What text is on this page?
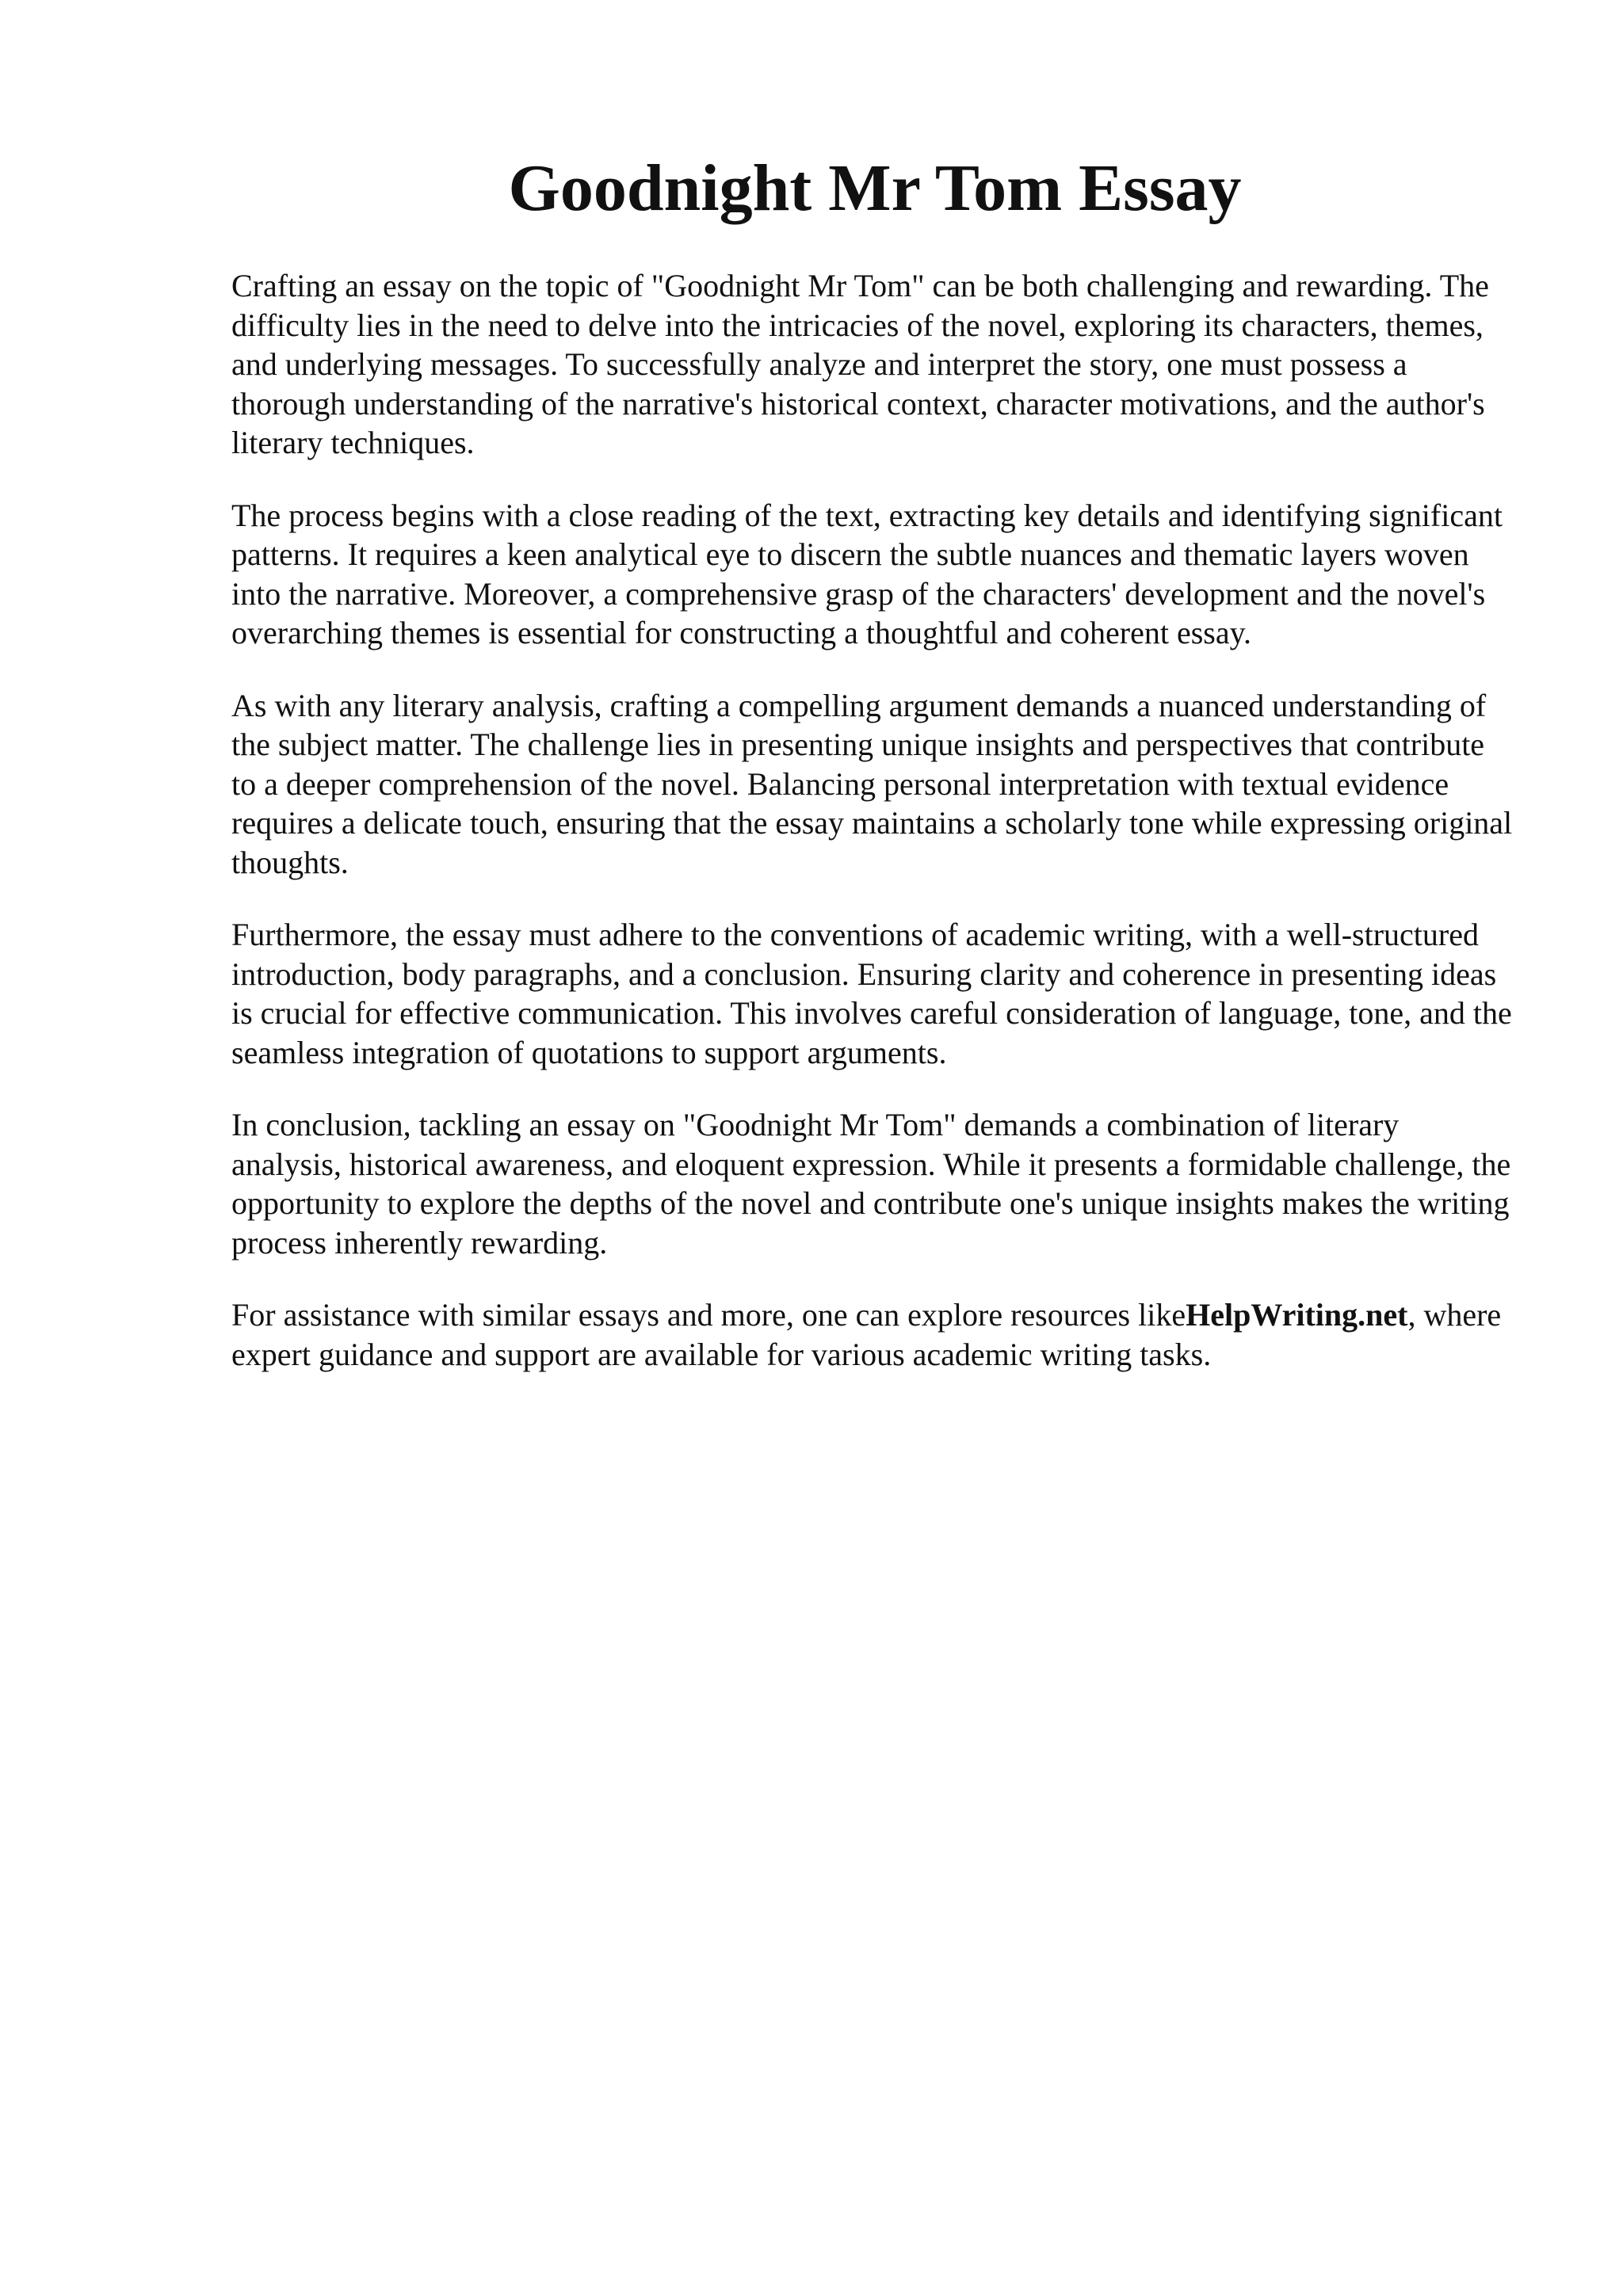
Goodnight Mr Tom Essay

Crafting an essay on the topic of "Goodnight Mr Tom" can be both challenging and rewarding. The difficulty lies in the need to delve into the intricacies of the novel, exploring its characters, themes, and underlying messages. To successfully analyze and interpret the story, one must possess a thorough understanding of the narrative's historical context, character motivations, and the author's literary techniques.

The process begins with a close reading of the text, extracting key details and identifying significant patterns. It requires a keen analytical eye to discern the subtle nuances and thematic layers woven into the narrative. Moreover, a comprehensive grasp of the characters' development and the novel's overarching themes is essential for constructing a thoughtful and coherent essay.

As with any literary analysis, crafting a compelling argument demands a nuanced understanding of the subject matter. The challenge lies in presenting unique insights and perspectives that contribute to a deeper comprehension of the novel. Balancing personal interpretation with textual evidence requires a delicate touch, ensuring that the essay maintains a scholarly tone while expressing original thoughts.

Furthermore, the essay must adhere to the conventions of academic writing, with a well-structured introduction, body paragraphs, and a conclusion. Ensuring clarity and coherence in presenting ideas is crucial for effective communication. This involves careful consideration of language, tone, and the seamless integration of quotations to support arguments.

In conclusion, tackling an essay on "Goodnight Mr Tom" demands a combination of literary analysis, historical awareness, and eloquent expression. While it presents a formidable challenge, the opportunity to explore the depths of the novel and contribute one's unique insights makes the writing process inherently rewarding.

For assistance with similar essays and more, one can explore resources likeHelpWriting.net, where expert guidance and support are available for various academic writing tasks.
